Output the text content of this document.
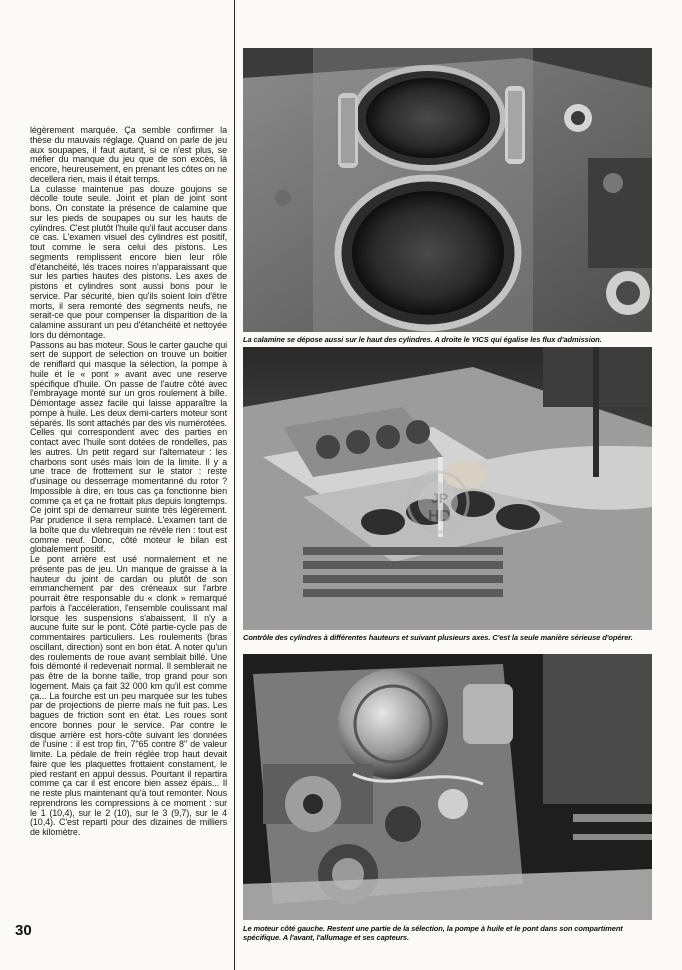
légèrement marquée. Ça semble confirmer la thèse du mauvais réglage. Quand on parle de jeu aux soupapes, il faut autant, si ce n'est plus, se méfier du manque du jeu que de son excès, là encore, heureusement, en prenant les côtes on ne decellera rien, mais il était temps.

La culasse maintenue pas douze goujons se décolle toute seule. Joint et plan de joint sont bons. On constate la présence de calamine que sur les pieds de soupapes ou sur les hauts de cylindres. C'est plutôt l'huile qu'il faut accuser dans ce cas. L'examen visuel des cylindres est positif, tout comme le sera celui des pistons. Les segments remplissent encore bien leur rôle d'étanchéité, lés traces noires n'apparaissant que sur les parties hautes des pistons. Les axes de pistons et cylindres sont aussi bons pour le service. Par sécurité, bien qu'ils soient loin d'être morts, il sera remonté des segments neufs, ne serait-ce que pour compenser la disparition de la calamine assurant un peu d'étanchéité et nettoyée lors du démontage.

Passons au bas moteur. Sous le carter gauche qui sert de support de selection on trouve un boitier de reniflard qui masque la sélection, la pompe à huile et le « pont » avant avec une reserve spécifique d'huile. On passe de l'autre côté avec l'embrayage monté sur un gros roulement à bille. Démontage assez facile qui laisse apparaître la pompe à huile. Les deux demi-carters moteur sont séparés. Ils sont attachés par des vis numérotées. Celles qui correspondent avec des parties en contact avec l'huile sont dotées de rondelles, pas les autres. Un petit regard sur l'alternateur : les charbons sont usés mais loin de la limite. Il y a une trace de frottement sur le stator : reste d'usinage ou desserrage momentanné du rotor ? Impossible à dire, en tous cas ça fonctionne bien comme ça et ça ne frottait plus depuis longtemps. Ce joint spi de demarreur suinte très légèrement. Par prudence il sera remplacé. L'examen tant de la boîte que du vilebrequin ne révèle rien : tout est comme neuf. Donc, côté moteur le bilan est globalement positif.

Le pont arrière est usé normalement et ne présente pas de jeu. Un manque de graisse à la hauteur du joint de cardan ou plutôt de son emmanchement par des créneaux sur l'arbre pourrait être responsable du « clonk » remarqué parfois à l'accéleration, l'ensemble coulissant mal lorsque les suspensions s'abaissent. Il n'y a aucune fuite sur le pont. Côté partie-cycle pas de commentaires particuliers. Les roulements (bras oscillant, direction) sont en bon état. A noter qu'un des roulements de roue avant semblait billé. Une fois démonté il redevenait normal. Il semblerait ne pas être de la bonne taille, trop grand pour son logement. Mais ça fait 32 000 km qu'il est comme ça... La fourche est un peu marquée sur les tubes par de projections de pierre mais ne fuit pas. Les bagues de friction sont en état. Les roues sont encore bonnes pour le service. Par contre le disque arrière est hors-côte suivant les données de l'usine : il est trop fin, 7''65 contre 8'' de valeur limite. La pédale de frein réglée trop haut devait faire que les plaquettes frottaient constament, le pied restant en appui dessus. Pourtant il repartira comme ça car il est encore bien assez épais... Il ne reste plus maintenant qu'à tout remonter. Nous reprendrons les compressions à ce moment : sur le 1 (10,4), sur le 2 (10), sur le 3 (9,7), sur le 4 (10,4). C'est reparti pour des dizaines de milliers de kilomètre.

30
La calamine se dépose aussi sur le haut des cylindres. A droite le YICS qui égalise les flux d'admission.
JP
HD
Contrôle des cylindres à différentes hauteurs et suivant plusieurs axes. C'est la seule manière sérieuse d'opérer.
Le moteur côté gauche. Restent une partie de la sélection, la pompe à huile et le pont dans son compartiment spécifique. A l'avant, l'allumage et ses capteurs.
